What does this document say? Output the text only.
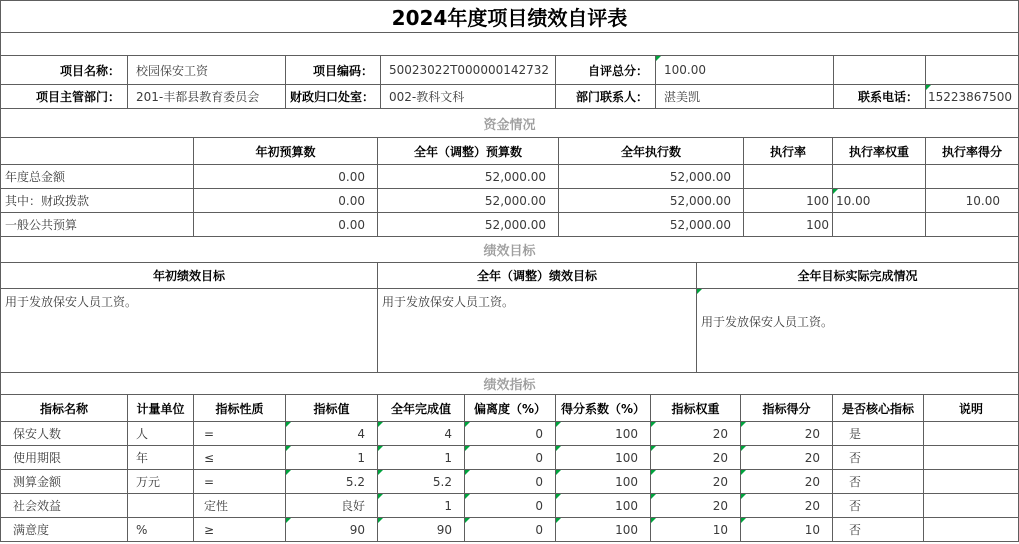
2024年度项目绩效自评表
项目名称：	校园保安工资	项目编码：	50023022T000000142732	自评总分：	100.00		
项目主管部门：	201-丰都县教育委员会	财政归口处室：	002-教科文科	部门联系人：	湛美凯	联系电话：	15223867500
资金情况
	年初预算数	全年（调整）预算数	全年执行数	执行率	执行率权重	执行率得分
年度总金额	0.00	52,000.00	52,000.00			
其中：财政拨款	0.00	52,000.00	52,000.00	100	10.00	10.00
一般公共预算	0.00	52,000.00	52,000.00	100		
绩效目标
年初绩效目标	全年（调整）绩效目标	全年目标实际完成情况
用于发放保安人员工资。	用于发放保安人员工资。	用于发放保安人员工资。
绩效指标
指标名称	计量单位	指标性质	指标值	全年完成值	偏离度（%）	得分系数（%）	指标权重	指标得分	是否核心指标	说明
保安人数	人	=	4	4	0	100	20	20	是	
使用期限	年	≤	1	1	0	100	20	20	否	
测算金额	万元	=	5.2	5.2	0	100	20	20	否	
社会效益		定性	良好	1	0	100	20	20	否	
满意度	%	≥	90	90	0	100	10	10	否	
